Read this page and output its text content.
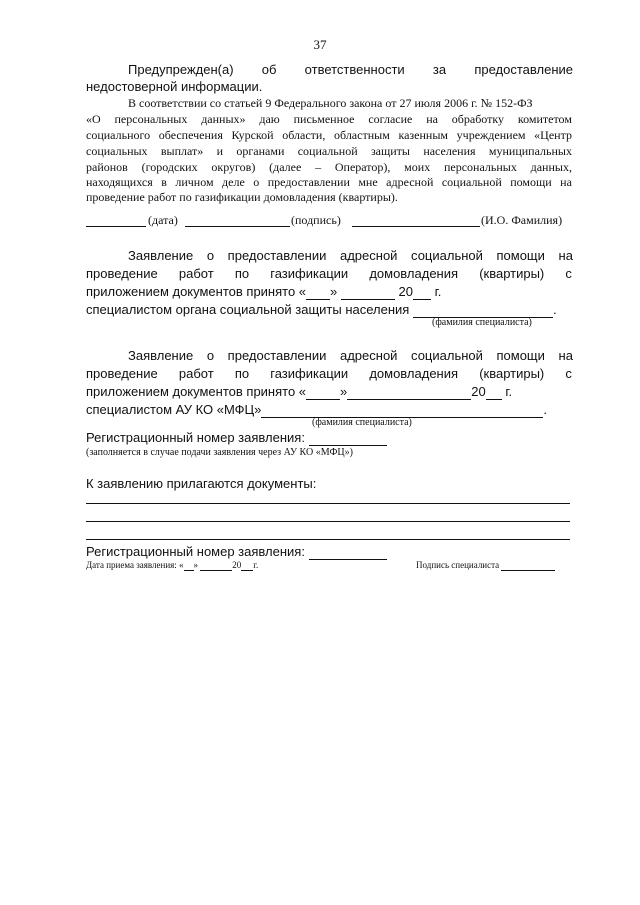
37
Предупрежден(а) об ответственности за предоставление
недостоверной информации.
В соответствии со статьей 9 Федерального закона от 27 июля 2006 г. № 152-ФЗ
«О персональных данных» даю письменное согласие на обработку комитетом
социального обеспечения Курской области, областным казенным учреждением «Центр
социальных выплат» и органами социальной защиты населения муниципальных
районов (городских округов) (далее – Оператор), моих персональных данных,
находящихся в личном деле о предоставлении мне адресной социальной помощи на
проведение работ по газификации домовладения (квартиры).
(дата)	(подпись)	(И.О. Фамилия)
Заявление о предоставлении адресной социальной помощи на
проведение работ по газификации домовладения (квартиры) с
приложением документов принято « »	20  г.
специалистом органа социальной защиты населения	.
(фамилия специалиста)
Заявление о предоставлении адресной социальной помощи на
проведение работ по газификации домовладения (квартиры) с
приложением документов принято «	»	20  г.
специалистом АУ КО «МФЦ»	.
(фамилия специалиста)
Регистрационный номер заявления:
(заполняется в случае подачи заявления через АУ КО «МФЦ»)
К заявлению прилагаются документы:
Регистрационный номер заявления:
Дата приема заявления: « »	20 г.	Подпись специалиста
